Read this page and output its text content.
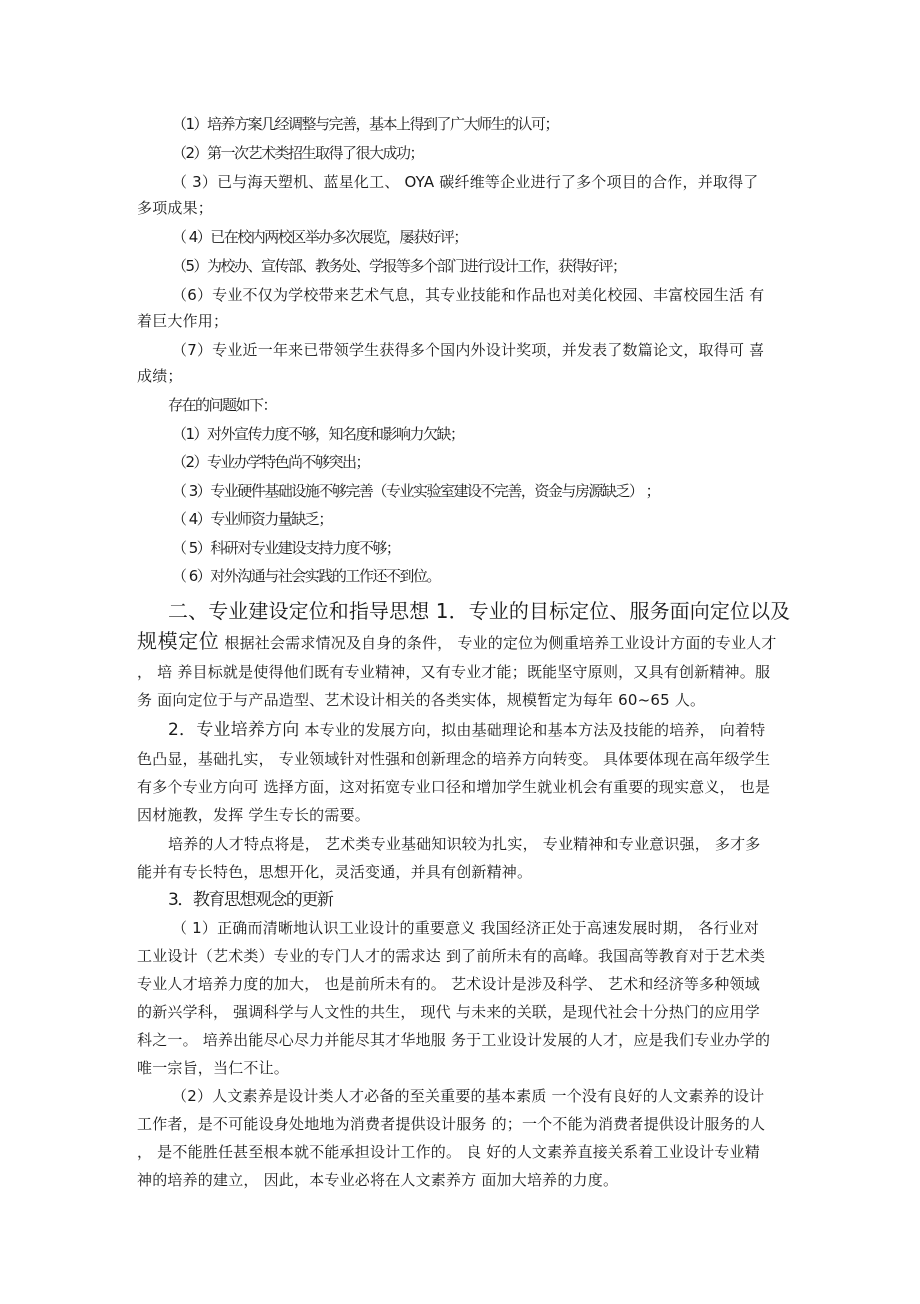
（1）培养方案几经调整与完善，基本上得到了广大师生的认可；
（2）第一次艺术类招生取得了很大成功；
（ 3）已与海天塑机、蓝星化工、 OYA 碳纤维等企业进行了多个项目的合作，并取得了
多项成果；
（ 4）已在校内两校区举办多次展览，屡获好评；
（5）为校办、宣传部、教务处、学报等多个部门进行设计工作，获得好评；
（6）专业不仅为学校带来艺术气息，其专业技能和作品也对美化校园、丰富校园生活 有
着巨大作用；
（7）专业近一年来已带领学生获得多个国内外设计奖项，并发表了数篇论文，取得可 喜
成绩；
存在的问题如下：
（1）对外宣传力度不够，知名度和影响力欠缺；
（2）专业办学特色尚不够突出；
（ 3）专业硬件基础设施不够完善（专业实验室建设不完善，资金与房源缺乏） ；
（ 4）专业师资力量缺乏；
（ 5）科研对专业建设支持力度不够；
（ 6）对外沟通与社会实践的工作还不到位。
二、专业建设定位和指导思想 1．专业的目标定位、服务面向定位以及
规模定位 根据社会需求情况及自身的条件， 专业的定位为侧重培养工业设计方面的专业人才
， 培 养目标就是使得他们既有专业精神，又有专业才能；既能坚守原则，又具有创新精神。服
务 面向定位于与产品造型、艺术设计相关的各类实体，规模暂定为每年 60~65 人。
2．专业培养方向 本专业的发展方向，拟由基础理论和基本方法及技能的培养， 向着特
色凸显，基础扎实， 专业领域针对性强和创新理念的培养方向转变。 具体要体现在高年级学生
有多个专业方向可 选择方面，这对拓宽专业口径和增加学生就业机会有重要的现实意义， 也是
因材施教，发挥 学生专长的需要。
培养的人才特点将是， 艺术类专业基础知识较为扎实， 专业精神和专业意识强， 多才多
能并有专长特色，思想开化，灵活变通，并具有创新精神。
3．教育思想观念的更新
（ 1）正确而清晰地认识工业设计的重要意义 我国经济正处于高速发展时期， 各行业对
工业设计（艺术类）专业的专门人才的需求达 到了前所未有的高峰。我国高等教育对于艺术类
专业人才培养力度的加大， 也是前所未有的。 艺术设计是涉及科学、 艺术和经济等多种领域
的新兴学科， 强调科学与人文性的共生， 现代 与未来的关联，是现代社会十分热门的应用学
科之一。 培养出能尽心尽力并能尽其才华地服 务于工业设计发展的人才，应是我们专业办学的
唯一宗旨，当仁不让。
（2）人文素养是设计类人才必备的至关重要的基本素质 一个没有良好的人文素养的设计
工作者，是不可能设身处地地为消费者提供设计服务 的；一个不能为消费者提供设计服务的人
， 是不能胜任甚至根本就不能承担设计工作的。 良 好的人文素养直接关系着工业设计专业精
神的培养的建立， 因此，本专业必将在人文素养方 面加大培养的力度。
